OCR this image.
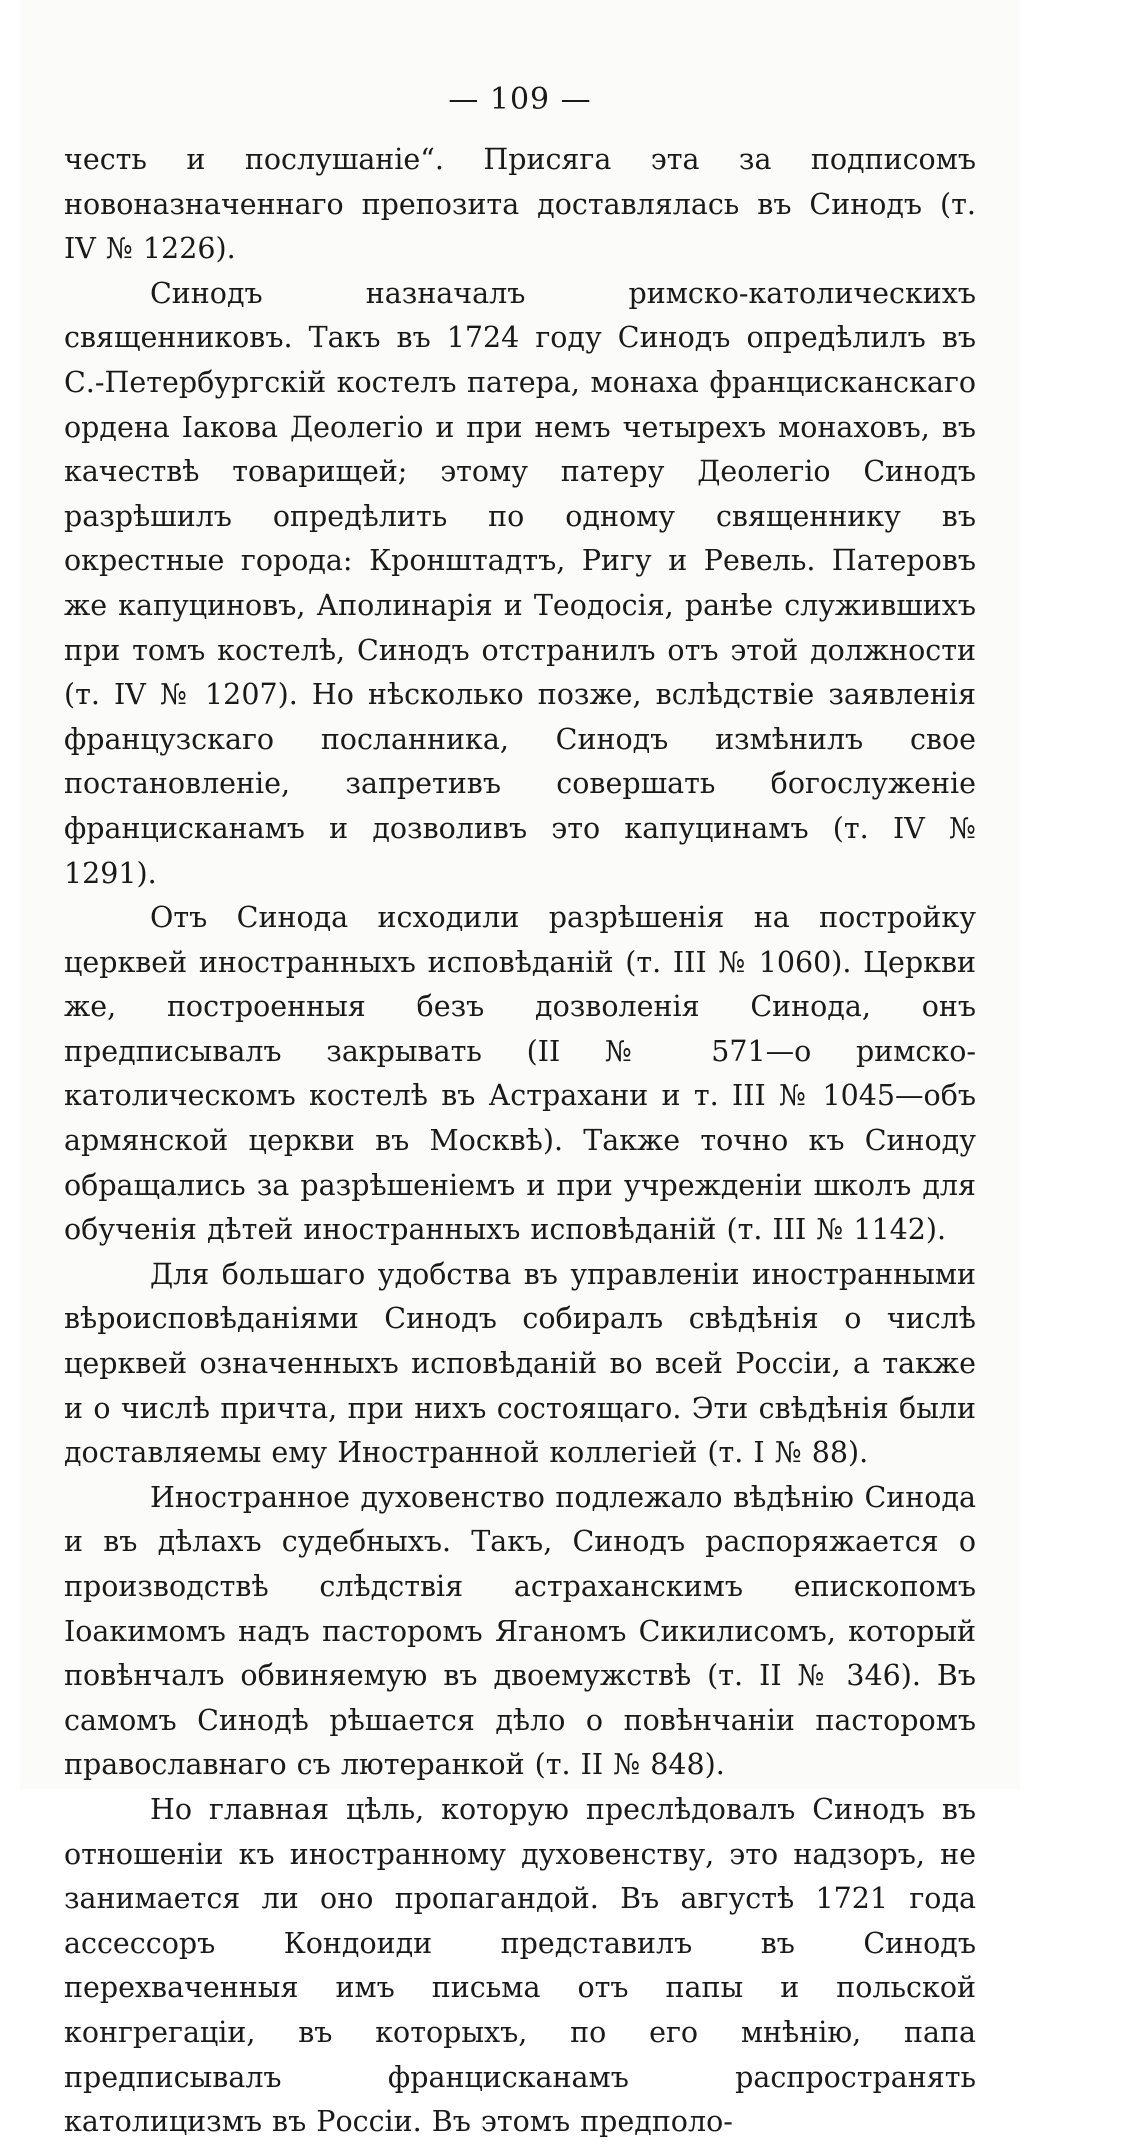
— 109 —

честь и послушаніе“. Присяга эта за подписомъ новоназначеннаго препозита доставлялась въ Синодъ (т. IV № 1226).

Синодъ назначалъ римско-католическихъ священниковъ. Такъ въ 1724 году Синодъ опредѣлилъ въ С.-Петербургскій костелъ патера, монаха францисканскаго ордена Іакова Деолегіо и при немъ четырехъ монаховъ, въ качествѣ товарищей; этому патеру Деолегіо Синодъ разрѣшилъ опредѣлить по одному священнику въ окрестные города: Кронштадтъ, Ригу и Ревель. Патеровъ же капуциновъ, Аполинарія и Теодосія, ранѣе служившихъ при томъ костелѣ, Синодъ отстранилъ отъ этой должности (т. IV № 1207). Но нѣсколько позже, вслѣдствіе заявленія французскаго посланника, Синодъ измѣнилъ свое постановленіе, запретивъ совершать богослуженіе францисканамъ и дозволивъ это капуцинамъ (т. IV № 1291).

Отъ Синода исходили разрѣшенія на постройку церквей иностранныхъ исповѣданій (т. III № 1060). Церкви же, построенныя безъ дозволенія Синода, онъ предписывалъ закрывать (II № 571—о римско-католическомъ костелѣ въ Астрахани и т. III № 1045—объ армянской церкви въ Москвѣ). Также точно къ Синоду обращались за разрѣшеніемъ и при учрежденіи школъ для обученія дѣтей иностранныхъ исповѣданій (т. III № 1142).

Для большаго удобства въ управленіи иностранными вѣроисповѣданіями Синодъ собиралъ свѣдѣнія о числѣ церквей означенныхъ исповѣданій во всей Россіи, а также и о числѣ причта, при нихъ состоящаго. Эти свѣдѣнія были доставляемы ему Иностранной коллегіей (т. I № 88).

Иностранное духовенство подлежало вѣдѣнію Синода и въ дѣлахъ судебныхъ. Такъ, Синодъ распоряжается о производствѣ слѣдствія астраханскимъ епископомъ Іоакимомъ надъ пасторомъ Яганомъ Сикилисомъ, который повѣнчалъ обвиняемую въ двоемужствѣ (т. II № 346). Въ самомъ Синодѣ рѣшается дѣло о повѣнчаніи пасторомъ православнаго съ лютеранкой (т. II № 848).

Но главная цѣль, которую преслѣдовалъ Синодъ въ отношеніи къ иностранному духовенству, это надзоръ, не занимается ли оно пропагандой. Въ августѣ 1721 года ассессоръ Кондоиди представилъ въ Синодъ перехваченныя имъ письма отъ папы и польской конгрегаціи, въ которыхъ, по его мнѣнію, папа предписывалъ францисканамъ распространять католицизмъ въ Россіи. Въ этомъ предполо-
